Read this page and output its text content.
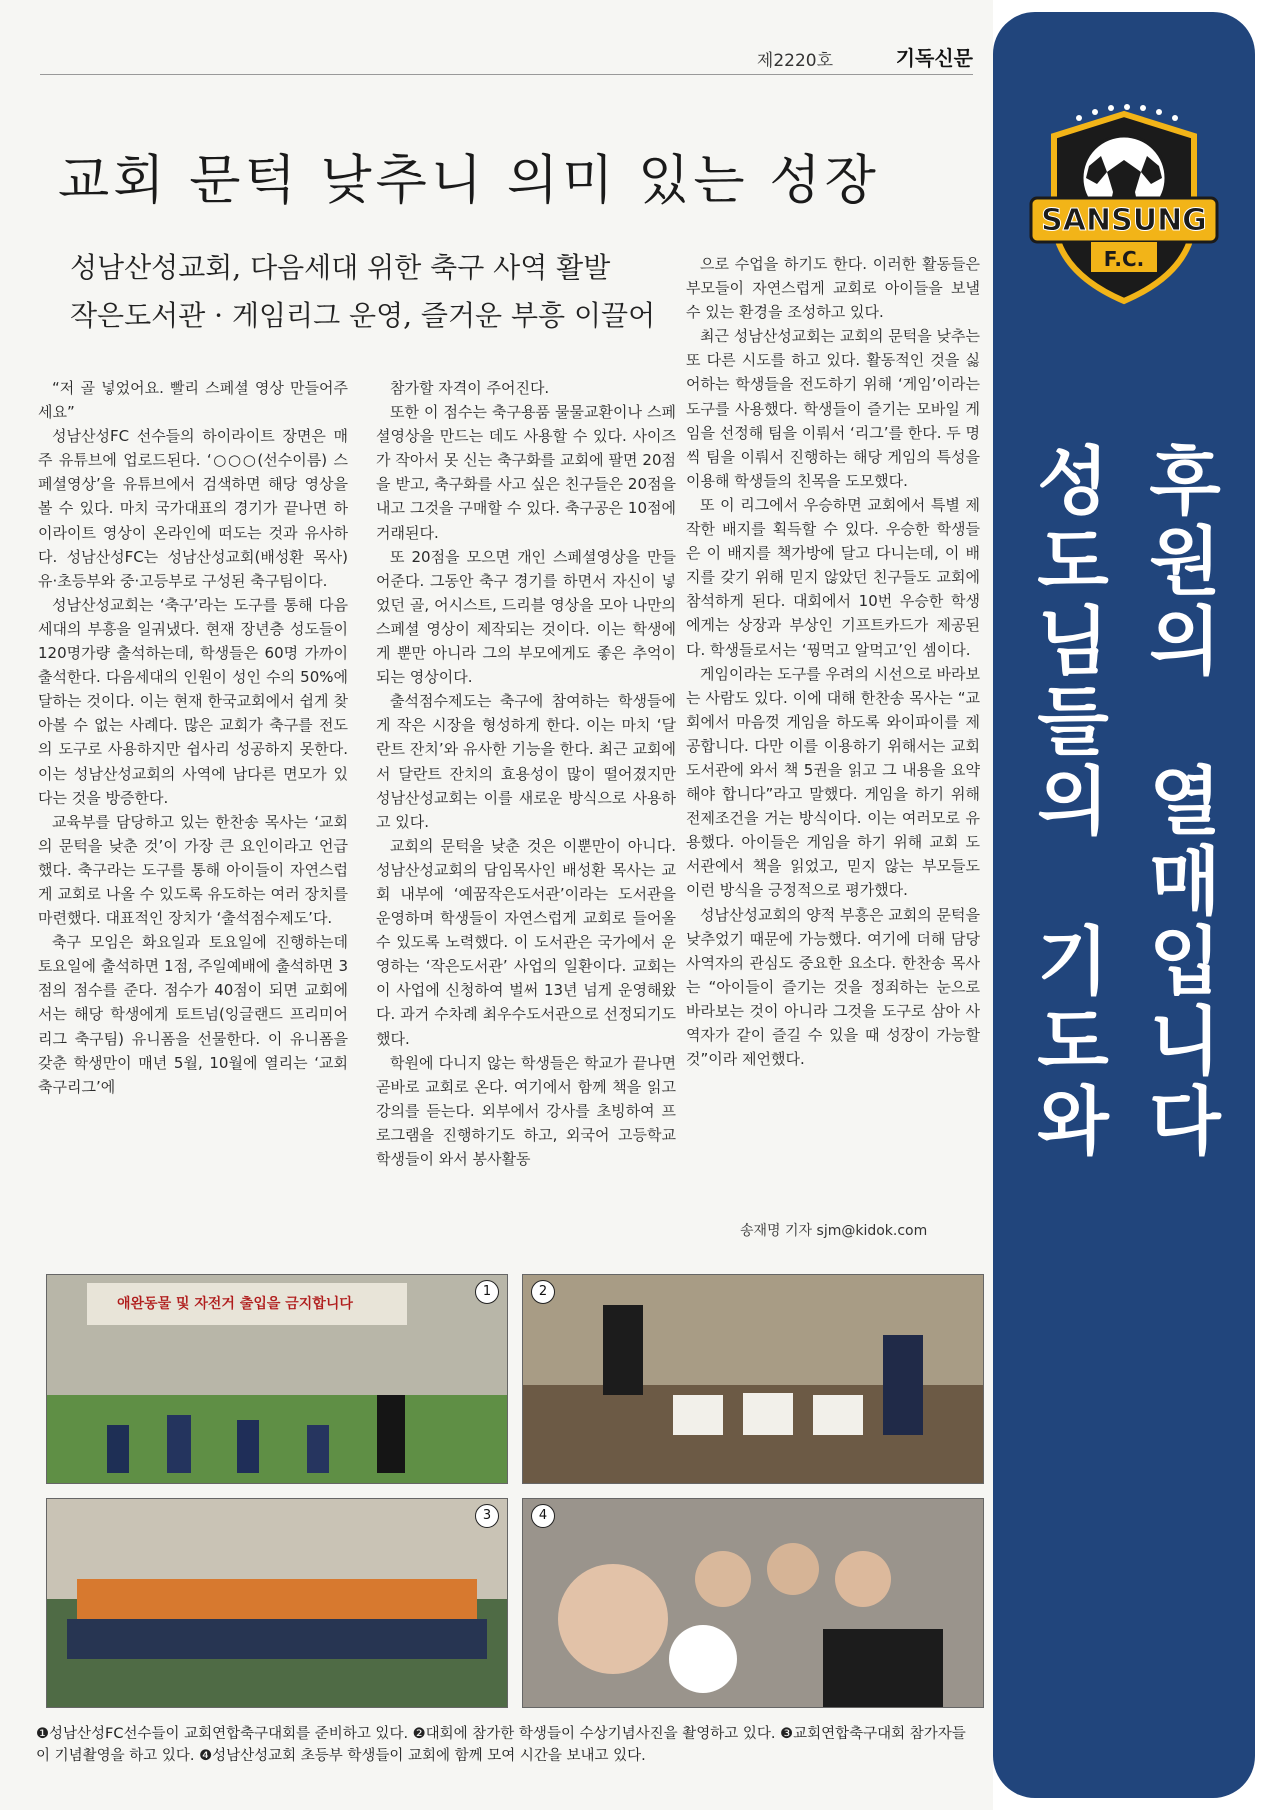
제2220호	기독신문
교회 문턱 낮추니 의미 있는 성장
성남산성교회, 다음세대 위한 축구 사역 활발
작은도서관 · 게임리그 운영, 즐거운 부흥 이끌어

“저 골 넣었어요. 빨리 스페셜 영상 만들어주세요”

성남산성FC 선수들의 하이라이트 장면은 매주 유튜브에 업로드된다. ‘○○○(선수이름) 스페셜영상’을 유튜브에서 검색하면 해당 영상을 볼 수 있다. 마치 국가대표의 경기가 끝나면 하이라이트 영상이 온라인에 떠도는 것과 유사하다. 성남산성FC는 성남산성교회(배성환 목사) 유·초등부와 중·고등부로 구성된 축구팀이다.

성남산성교회는 ‘축구’라는 도구를 통해 다음세대의 부흥을 일궈냈다. 현재 장년층 성도들이 120명가량 출석하는데, 학생들은 60명 가까이 출석한다. 다음세대의 인원이 성인 수의 50%에 달하는 것이다. 이는 현재 한국교회에서 쉽게 찾아볼 수 없는 사례다. 많은 교회가 축구를 전도의 도구로 사용하지만 쉽사리 성공하지 못한다. 이는 성남산성교회의 사역에 남다른 면모가 있다는 것을 방증한다.

교육부를 담당하고 있는 한찬송 목사는 ‘교회의 문턱을 낮춘 것’이 가장 큰 요인이라고 언급했다. 축구라는 도구를 통해 아이들이 자연스럽게 교회로 나올 수 있도록 유도하는 여러 장치를 마련했다. 대표적인 장치가 ‘출석점수제도’다.

축구 모임은 화요일과 토요일에 진행하는데 토요일에 출석하면 1점, 주일예배에 출석하면 3점의 점수를 준다. 점수가 40점이 되면 교회에서는 해당 학생에게 토트넘(잉글랜드 프리미어리그 축구팀) 유니폼을 선물한다. 이 유니폼을 갖춘 학생만이 매년 5월, 10월에 열리는 ‘교회축구리그’에

참가할 자격이 주어진다.

또한 이 점수는 축구용품 물물교환이나 스페셜영상을 만드는 데도 사용할 수 있다. 사이즈가 작아서 못 신는 축구화를 교회에 팔면 20점을 받고, 축구화를 사고 싶은 친구들은 20점을 내고 그것을 구매할 수 있다. 축구공은 10점에 거래된다.

또 20점을 모으면 개인 스페셜영상을 만들어준다. 그동안 축구 경기를 하면서 자신이 넣었던 골, 어시스트, 드리블 영상을 모아 나만의 스페셜 영상이 제작되는 것이다. 이는 학생에게 뿐만 아니라 그의 부모에게도 좋은 추억이 되는 영상이다.

출석점수제도는 축구에 참여하는 학생들에게 작은 시장을 형성하게 한다. 이는 마치 ‘달란트 잔치’와 유사한 기능을 한다. 최근 교회에서 달란트 잔치의 효용성이 많이 떨어졌지만 성남산성교회는 이를 새로운 방식으로 사용하고 있다.

교회의 문턱을 낮춘 것은 이뿐만이 아니다. 성남산성교회의 담임목사인 배성환 목사는 교회 내부에 ‘예꿈작은도서관’이라는 도서관을 운영하며 학생들이 자연스럽게 교회로 들어올 수 있도록 노력했다. 이 도서관은 국가에서 운영하는 ‘작은도서관’ 사업의 일환이다. 교회는 이 사업에 신청하여 벌써 13년 넘게 운영해왔다. 과거 수차례 최우수도서관으로 선정되기도 했다.

학원에 다니지 않는 학생들은 학교가 끝나면 곧바로 교회로 온다. 여기에서 함께 책을 읽고 강의를 듣는다. 외부에서 강사를 초빙하여 프로그램을 진행하기도 하고, 외국어 고등학교 학생들이 와서 봉사활동

으로 수업을 하기도 한다. 이러한 활동들은 부모들이 자연스럽게 교회로 아이들을 보낼 수 있는 환경을 조성하고 있다.

최근 성남산성교회는 교회의 문턱을 낮추는 또 다른 시도를 하고 있다. 활동적인 것을 싫어하는 학생들을 전도하기 위해 ‘게임’이라는 도구를 사용했다. 학생들이 즐기는 모바일 게임을 선정해 팀을 이뤄서 ‘리그’를 한다. 두 명씩 팀을 이뤄서 진행하는 해당 게임의 특성을 이용해 학생들의 친목을 도모했다.

또 이 리그에서 우승하면 교회에서 특별 제작한 배지를 획득할 수 있다. 우승한 학생들은 이 배지를 책가방에 달고 다니는데, 이 배지를 갖기 위해 믿지 않았던 친구들도 교회에 참석하게 된다. 대회에서 10번 우승한 학생에게는 상장과 부상인 기프트카드가 제공된다. 학생들로서는 ‘꿩먹고 알먹고’인 셈이다.

게임이라는 도구를 우려의 시선으로 바라보는 사람도 있다. 이에 대해 한찬송 목사는 “교회에서 마음껏 게임을 하도록 와이파이를 제공합니다. 다만 이를 이용하기 위해서는 교회 도서관에 와서 책 5권을 읽고 그 내용을 요약해야 합니다”라고 말했다. 게임을 하기 위해 전제조건을 거는 방식이다. 이는 여러모로 유용했다. 아이들은 게임을 하기 위해 교회 도서관에서 책을 읽었고, 믿지 않는 부모들도 이런 방식을 긍정적으로 평가했다.

성남산성교회의 양적 부흥은 교회의 문턱을 낮추었기 때문에 가능했다. 여기에 더해 담당 사역자의 관심도 중요한 요소다. 한찬송 목사는 “아이들이 즐기는 것을 정죄하는 눈으로 바라보는 것이 아니라 그것을 도구로 삼아 사역자가 같이 즐길 수 있을 때 성장이 가능할 것”이라 제언했다.

송재명 기자 sjm@kidok.com
애완동물 및 자전거 출입을 금지합니다
1	2
3	4
❶성남산성FC선수들이 교회연합축구대회를 준비하고 있다. ❷대회에 참가한 학생들이 수상기념사진을 촬영하고 있다. ❸교회연합축구대회 참가자들이 기념촬영을 하고 있다. ❹성남산성교회 초등부 학생들이 교회에 함께 모여 시간을 보내고 있다.
SANSUNG
F.C.
후
원
의
열
매
입
니
다
성
도
님
들
의
기
도
와
